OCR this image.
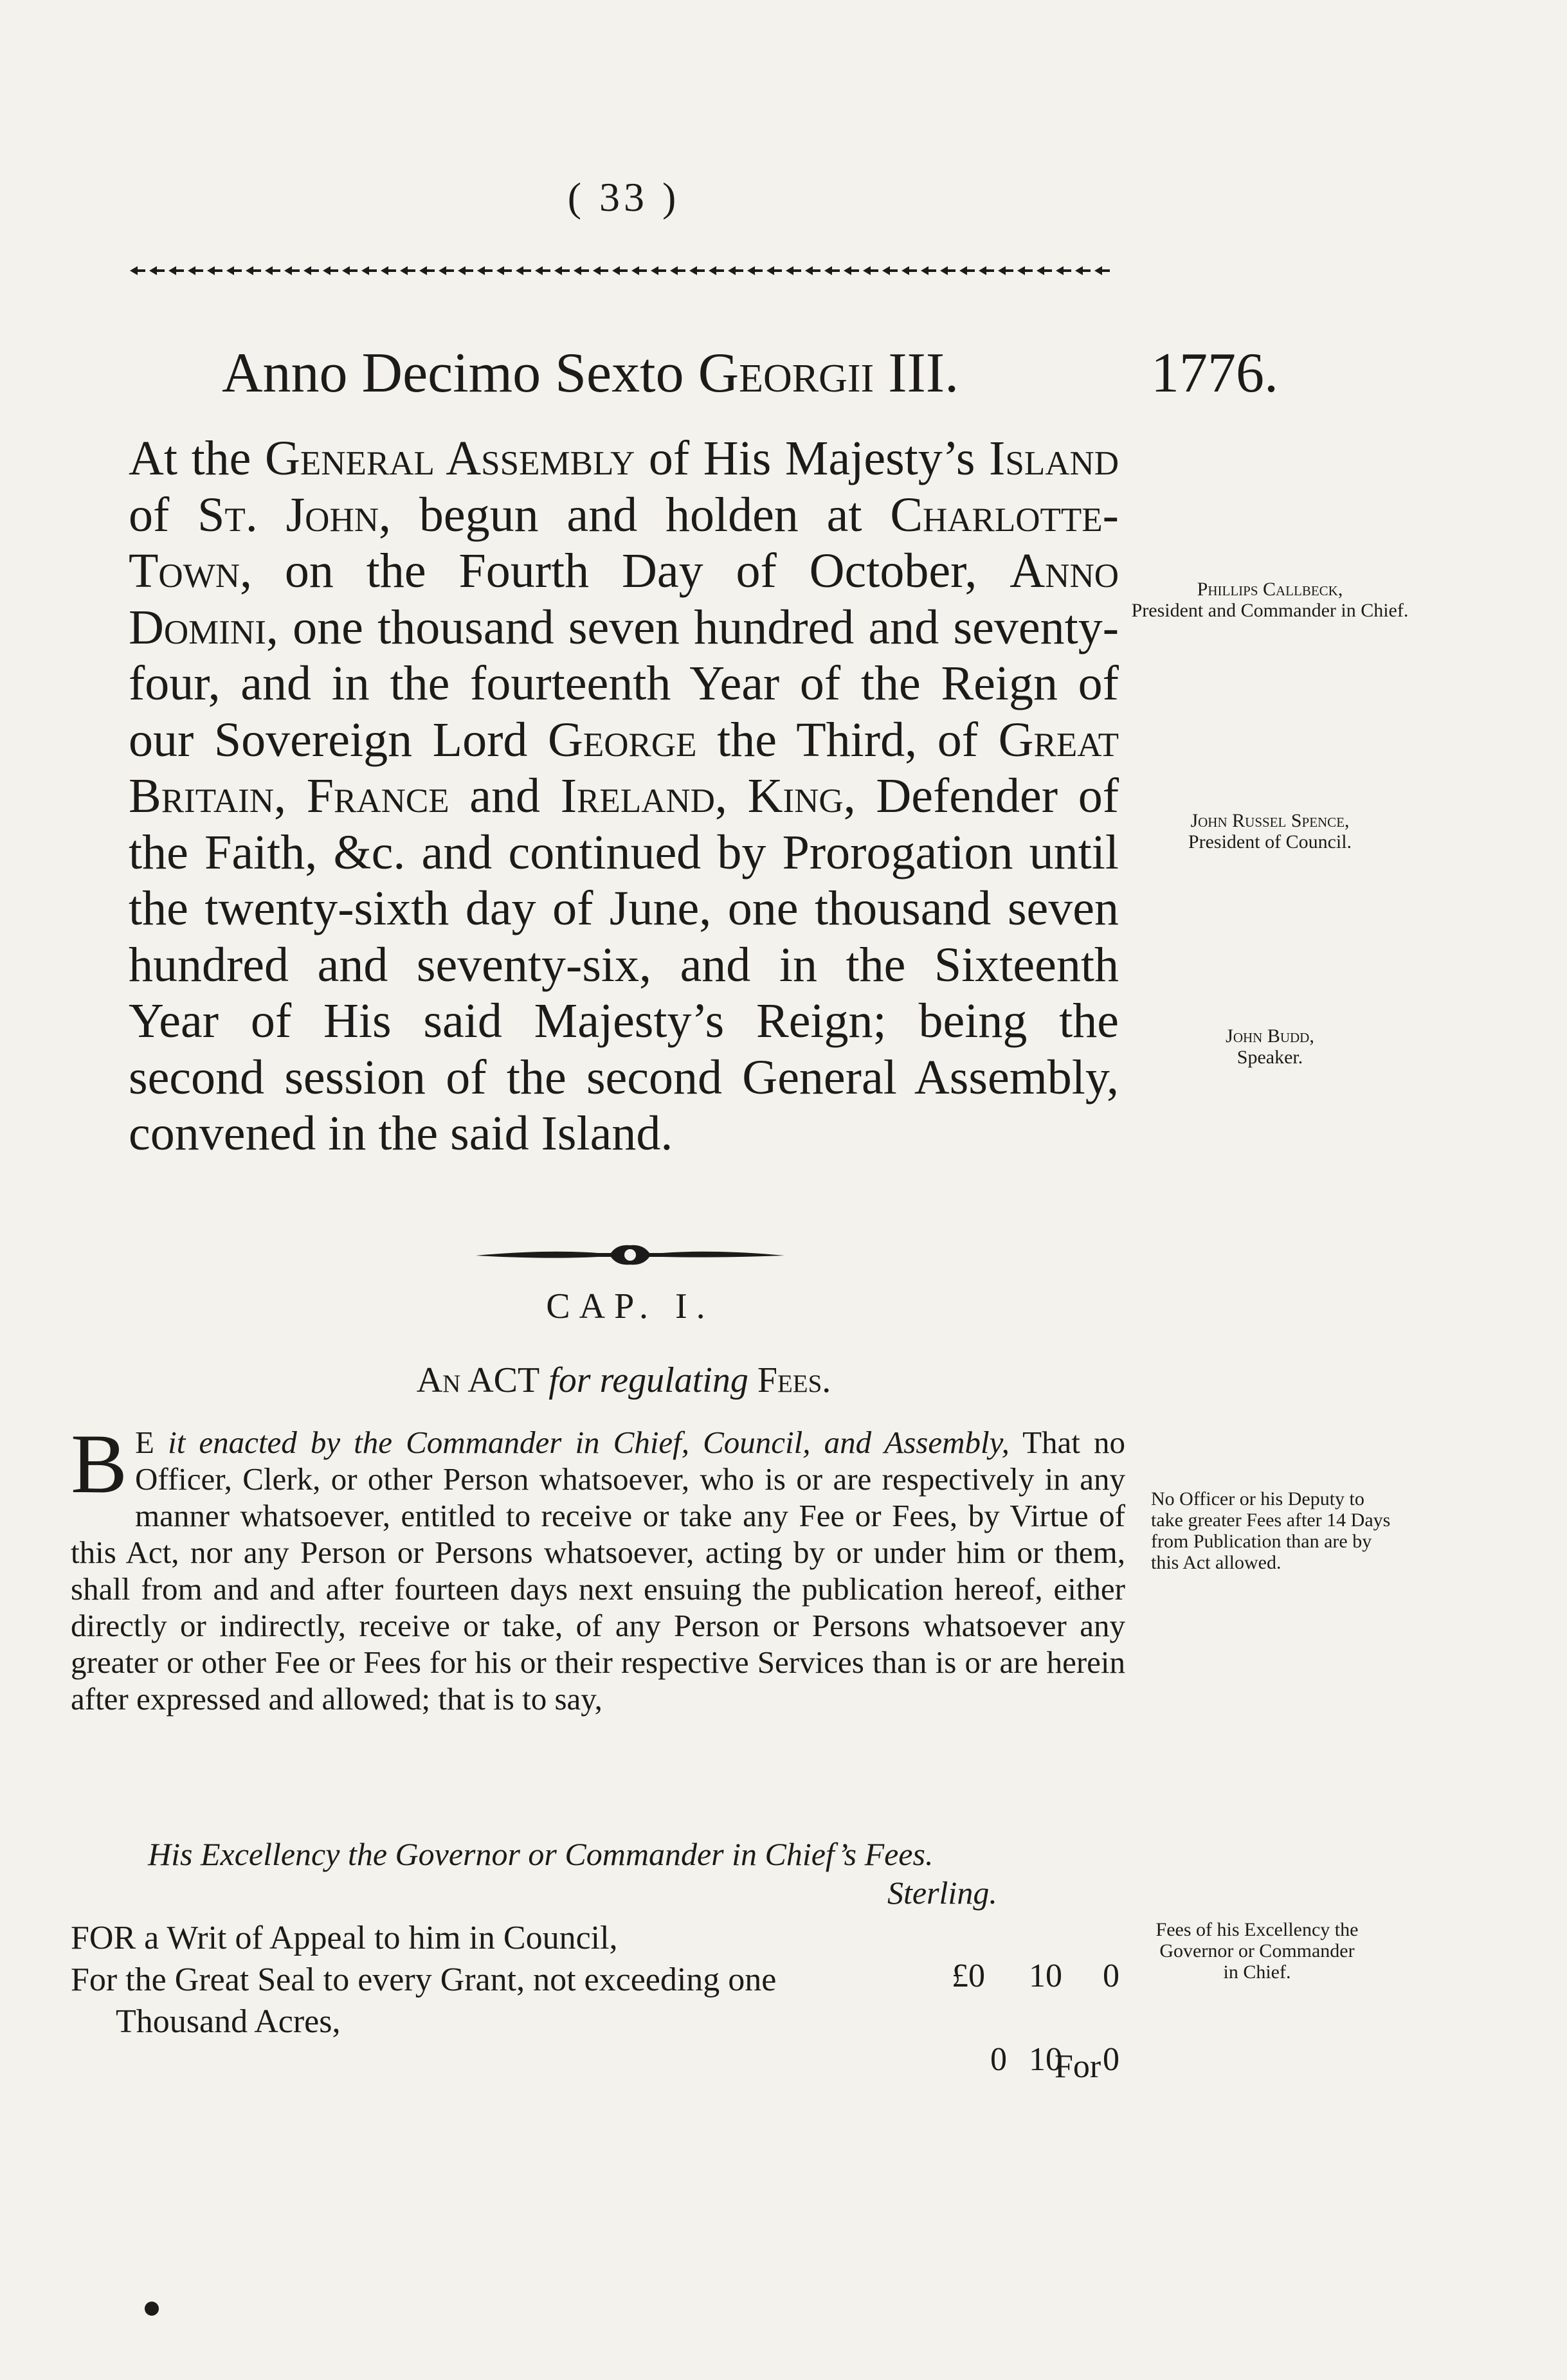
( 33 )
Anno Decimo Sexto Georgii III.	1776.
At the General Assembly of His Majesty’s Island of St. John, begun and holden at Charlotte-Town, on the Fourth Day of October, Anno Domini, one thousand seven hundred and seventy-four, and in the fourteenth Year of the Reign of our Sovereign Lord George the Third, of Great Britain, France and Ireland, King, Defender of the Faith, &c. and continued by Prorogation until the twenty-sixth day of June, one thousand seven hundred and seventy-six, and in the Sixteenth Year of His said Majesty’s Reign; being the second session of the second General Assembly, convened in the said Island.
Phillips Callbeck,
President and Commander in Chief.
John Russel Spence,
President of Council.
John Budd,
Speaker.
CAP. I.
An ACT for regulating Fees.
B E it enacted by the Commander in Chief, Council, and Assembly, That no Officer, Clerk, or other Person whatsoever, who is or are respectively in any manner whatsoever, entitled to receive or take any Fee or Fees, by Virtue of this Act, nor any Person or Persons whatsoever, acting by or under him or them, shall from and and after fourteen days next ensuing the publication hereof, either directly or indirectly, receive or take, of any Person or Persons whatsoever any greater or other Fee or Fees for his or their respective Services than is or are herein after expressed and allowed; that is to say,
No Officer or his Deputy to take greater Fees after 14 Days from Publication than are by this Act allowed.
His Excellency the Governor or Commander in Chief’s Fees.
Sterling.
FOR a Writ of Appeal to him in Council,
£0 10 0
For the Great Seal to every Grant, not exceeding one
Thousand Acres,
0 10 0
Fees of his Excellency the Governor or Commander in Chief.
For
